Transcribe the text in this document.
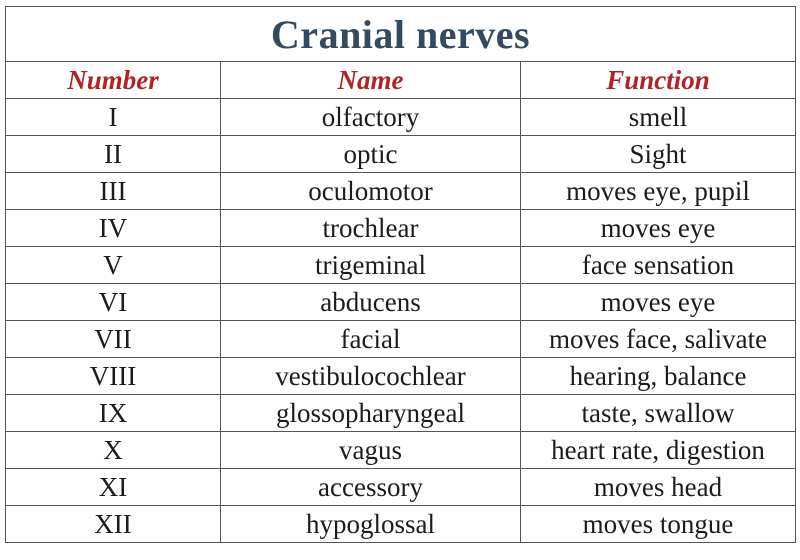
Cranial nerves		
Number	Name	Function
I	olfactory	smell
II	optic	Sight
III	oculomotor	moves eye, pupil
IV	trochlear	moves eye
V	trigeminal	face sensation
VI	abducens	moves eye
VII	facial	moves face, salivate
VIII	vestibulocochlear	hearing, balance
IX	glossopharyngeal	taste, swallow
X	vagus	heart rate, digestion
XI	accessory	moves head
XII	hypoglossal	moves tongue
